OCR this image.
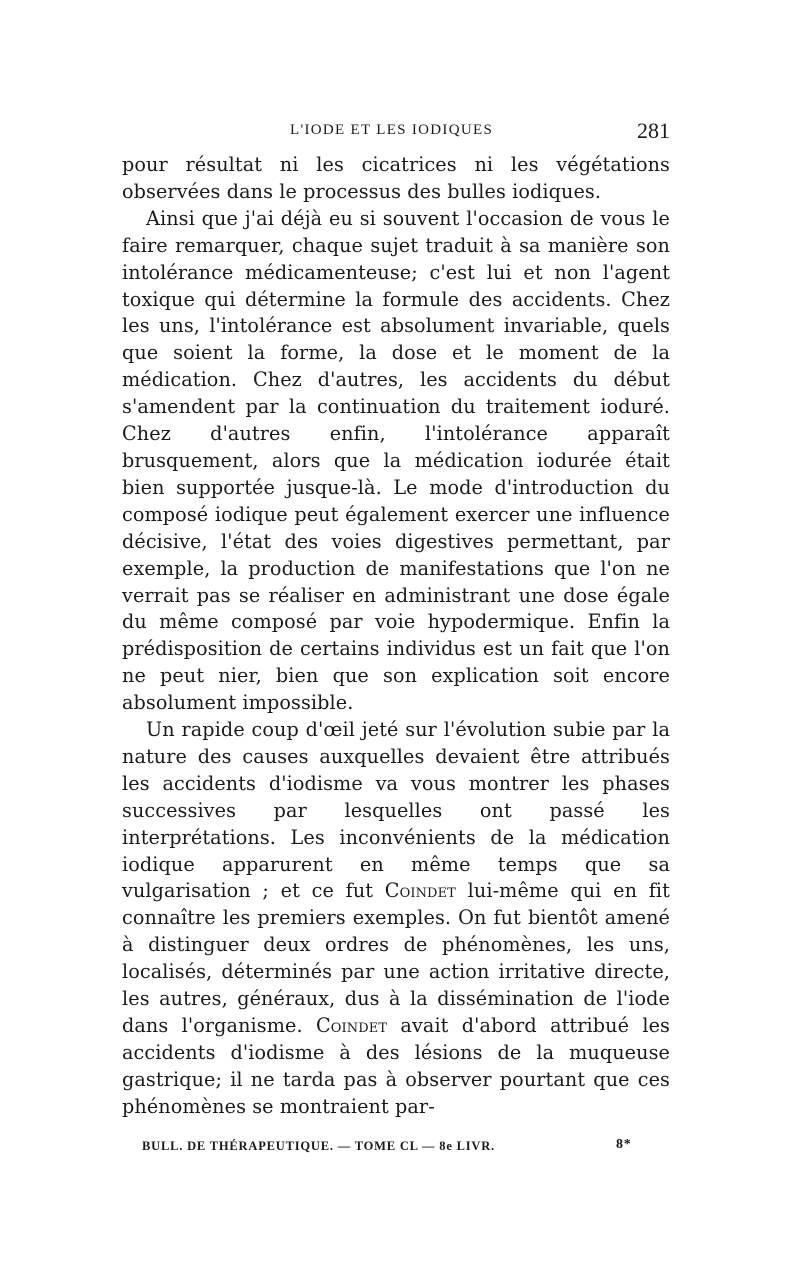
L'IODE ET LES IODIQUES	281

pour résultat ni les cicatrices ni les végétations observées dans le processus des bulles iodiques.

Ainsi que j'ai déjà eu si souvent l'occasion de vous le faire remarquer, chaque sujet traduit à sa manière son intolérance médicamenteuse; c'est lui et non l'agent toxique qui détermine la formule des accidents. Chez les uns, l'intolérance est absolument invariable, quels que soient la forme, la dose et le moment de la médication. Chez d'autres, les accidents du début s'amendent par la continuation du traitement ioduré. Chez d'autres enfin, l'intolérance apparaît brusquement, alors que la médication iodurée était bien supportée jusque-là. Le mode d'introduction du composé iodique peut également exercer une influence décisive, l'état des voies digestives permettant, par exemple, la production de manifestations que l'on ne verrait pas se réaliser en administrant une dose égale du même composé par voie hypodermique. Enfin la prédisposition de certains individus est un fait que l'on ne peut nier, bien que son explication soit encore absolument impossible.

Un rapide coup d'œil jeté sur l'évolution subie par la nature des causes auxquelles devaient être attribués les accidents d'iodisme va vous montrer les phases successives par lesquelles ont passé les interprétations. Les inconvénients de la médication iodique apparurent en même temps que sa vulgarisation ; et ce fut Coindet lui-même qui en fit connaître les premiers exemples. On fut bientôt amené à distinguer deux ordres de phénomènes, les uns, localisés, déterminés par une action irritative directe, les autres, généraux, dus à la dissémination de l'iode dans l'organisme. Coindet avait d'abord attribué les accidents d'iodisme à des lésions de la muqueuse gastrique; il ne tarda pas à observer pourtant que ces phénomènes se montraient par-

BULL. DE THÉRAPEUTIQUE. — TOME CL — 8e LIVR.	8*
